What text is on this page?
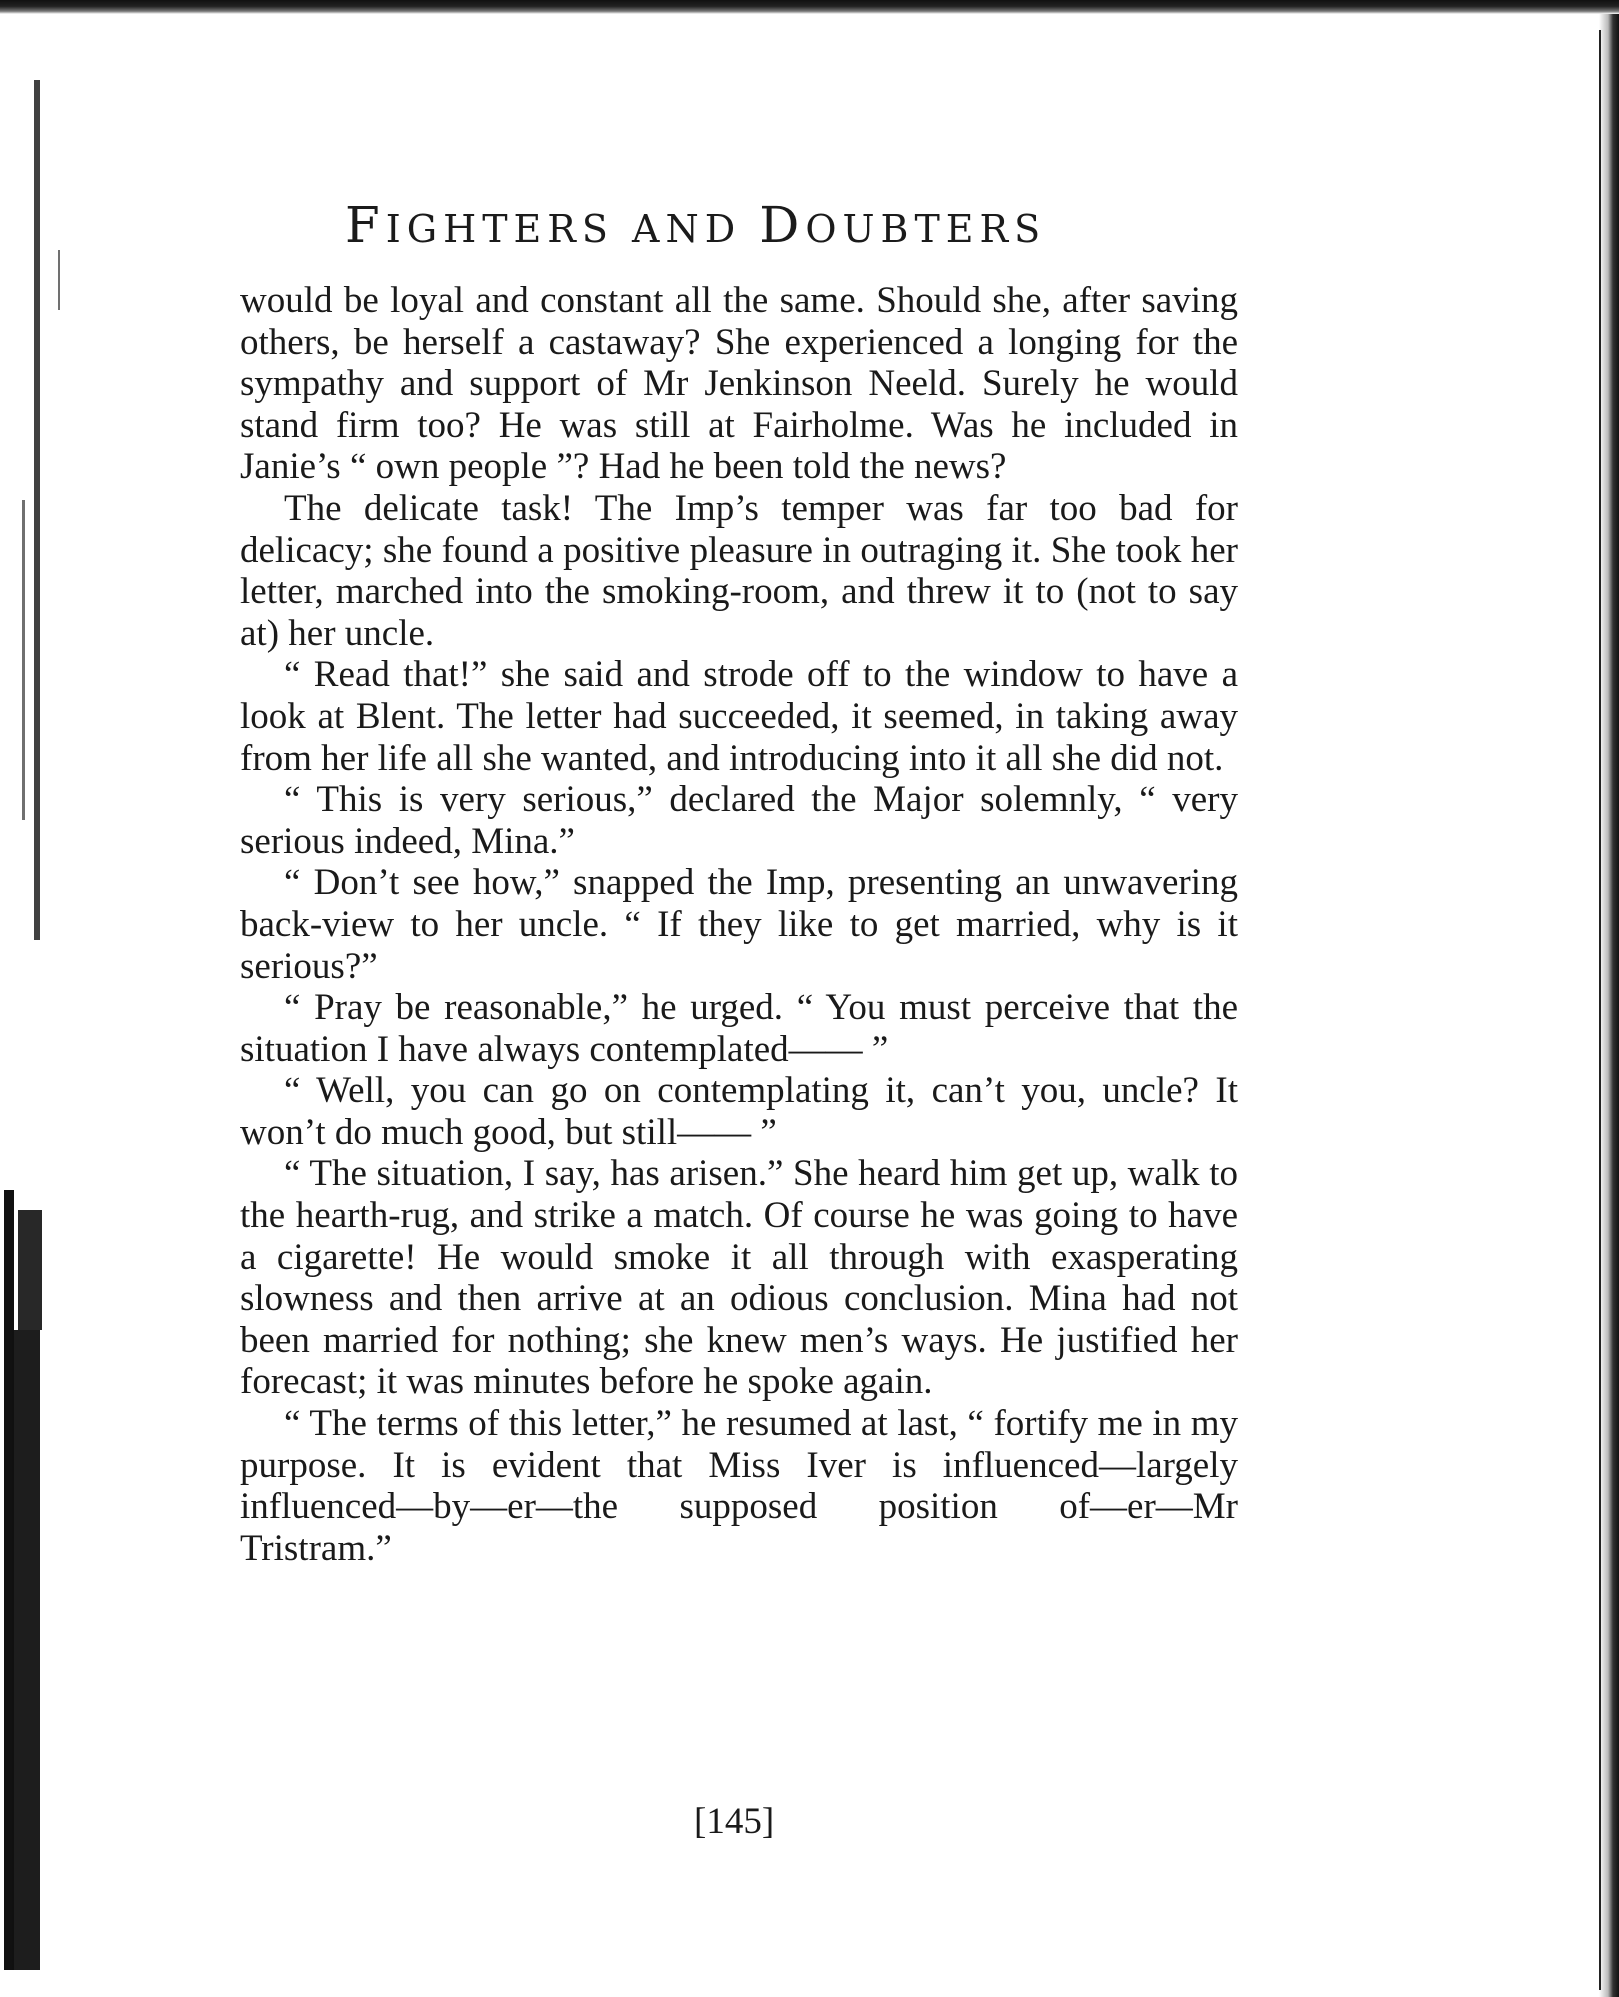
FIGHTERS AND DOUBTERS

would be loyal and constant all the same. Should she, after saving others, be herself a castaway? She experienced a longing for the sympathy and support of Mr Jenkinson Neeld. Surely he would stand firm too? He was still at Fairholme. Was he included in Janie’s “ own people ”? Had he been told the news?

The delicate task! The Imp’s temper was far too bad for delicacy; she found a positive pleasure in outraging it. She took her letter, marched into the smoking-room, and threw it to (not to say at) her uncle.

“ Read that!” she said and strode off to the window to have a look at Blent. The letter had succeeded, it seemed, in taking away from her life all she wanted, and introducing into it all she did not.

“ This is very serious,” declared the Major solemnly, “ very serious indeed, Mina.”

“ Don’t see how,” snapped the Imp, presenting an unwavering back-view to her uncle. “ If they like to get married, why is it serious?”

“ Pray be reasonable,” he urged. “ You must perceive that the situation I have always contemplated—— ”

“ Well, you can go on contemplating it, can’t you, uncle? It won’t do much good, but still—— ”

“ The situation, I say, has arisen.” She heard him get up, walk to the hearth-rug, and strike a match. Of course he was going to have a cigarette! He would smoke it all through with exasperating slowness and then arrive at an odious conclusion. Mina had not been married for nothing; she knew men’s ways. He justified her forecast; it was minutes before he spoke again.

“ The terms of this letter,” he resumed at last, “ fortify me in my purpose. It is evident that Miss Iver is influenced—largely influenced—by—er—the supposed position of—er—Mr Tristram.”

[145]
